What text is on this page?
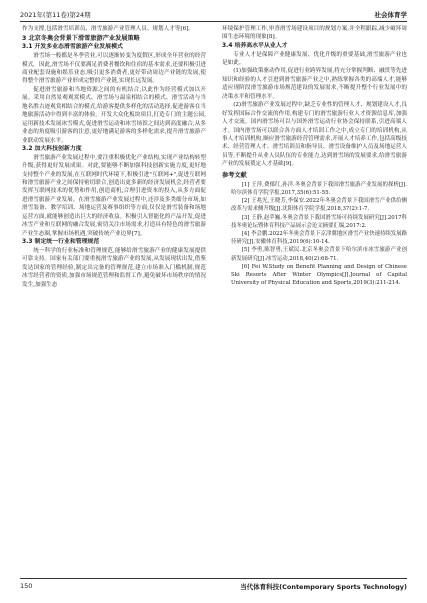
2021年(第11卷)第24期	社会体育学

作为支撑,包括滑雪培训员、滑雪旅游产业管理人员、规划人才等[6]。

3 北京冬奥会背景下滑雪旅游产业发展策略
3.1 开发多业态滑雪旅游产业发展模式

滑雪场一般都是冬季营业,可以逐渐转变为度假区,形成全年营业的经营模式。因此,滑雪场不仅要满足消费者餐饮和住宿的基本需求,还要积极引进商业配套设施和娱乐业态,吸引更多消费者,更好带动周边产业链的发展,使得整个滑雪旅游产业形成完整的产业链,实现长远发展。

促进滑雪旅游和当地资源之间的有机结合,以此作为经营模式加以开展。采用自然景观观赏模式、滑雪场与温泉相结合的模式、滑雪活动与当地名胜古迹观赏相结合的模式,给游客提供多样化的活动选择,促进游客在当地旅游活动中得到丰富的体验。开发大众化板块项目,打造专门的主题公园,运用新技术发展冰雪模式,促进滑雪运动和冰雪场馆之间达到高度融合,从多业态的角度吸引游客的注意,更好地满足游客的多样化需求,提升滑雪旅游产业联动发展水平。

3.2 加大科技创新力度

滑雪旅游产业发展过程中,要注重积极优化产业结构,实现产业结构转型升级,获得更好发展成果。对此,要能够不断加强科技创新实施力度,更好地支持整个产业的发展,在互联网时代环境下,积极引进"互联网+",促进互联网和滑雪旅游产业之间保持密切联合,创造出更多新的经济发展机会,经营者要发挥互联网技术的优势和作用,创造商机,合理引进资本的投入,从多方面促进滑雪旅游产业发展。在滑雪旅游产业发展过程中,还涉及多类细分市场,如滑雪装备、教学培训、场地运营及赛事组织等方面,仅仅是滑雪装备和场地运营方面,就能够创造出巨大的经济收益。积极引入智能化的产品开发,促进冰雪产业和互联网的融合发展,密切关注市场需求,打造具有特色的滑雪旅游产业生态圈,掌握市场机遇,突破传统产业边界[7]。

3.3 制定统一行业和管理规范

统一科学的行业标准和管理规范,能够给滑雪旅游产业的健康发展提供可靠支持。国家有关部门要重视滑雪旅游产业的发展,从发展现状出发,借鉴发达国家的管理经验,制定出完备的管理规范,建立市场准入门槛机制,规范冰雪经营者的资质,加强市场规范管理和监督工作,避免破坏市场秩序的情况发生,加强生态

环境保护管理工作,审査滑雪场建设项目的规划方案,并全程跟踪,减少破坏周围生态环境的现象[8]。

3.4 培养高水平从业人才

专业人才是保障产业健康发展、优化升级的重要基础,滑雪旅游产业也是如此。

(1)加强政策驱动作用,促进行业跨界发展,将充分掌握判断、融贯等先进知识和经验的人才引进到滑雪旅游产业之中,熟练掌握各类的高端人才,能够适应现阶段滑雪旅游市场规范建设的发展需求,不断提升整个行业发展中的决策水平和管理水平。

(2)滑雪旅游产业发展过程中,缺乏专业性的管理人才、规划建设人才,良好发挥国际合作交流的作用,构建专门的滑雪旅游行业人才资源信息库,加强人才交流。国内滑雪场可以与国外滑雪运动行业协会保持联系,引进高端人才。国内滑雪场可以联合各方面人才培训工作之中,成立专门的培训机构,从事人才培训机构,顺应滑雪旅游经营管理需求,开展人才培养工作,包括高级技术、经营管理人才、滑雪培训员和指导员、滑雪设备维护人员及场地运营人员等,不断提升从业人员队伍的专业能力,达到滑雪场的发展要求,给滑雪旅游产业的发展奠定人才基础[9]。

参考文献

[1] 王萍,费郁红,孙洋.冬奥会背景下我国滑雪旅游产业发展的探析[J].哈尔滨体育学院学报,2017,35(6):51-55.

[2] 王兆光,王晓芳,李保安.2022年冬奥会背景下我国滑雪产业供给侧改革与需求侧升级[J].沈阳体育学院学报,2018,37(2):1-7.

[3] 王静,赵苹巍.冬奥会背景下我国滑雪场可持续发展研究[J].2017科技冬奥论坛暨体育科技产品展示会论文摘要汇编,2017:2.

[4] 李会鹏.2022年冬奥会背景下京津冀地区滑雪产业快速持续发展路径研究[J].安徽体育科技,2019(6):10-14.

[5] 李勇,陈智勇,王斌民.北京冬奥会背景下哈尔滨市冰雪旅游产业创新发展研究[J].冰雪运动,2018,40(2):68-71.

[6] Fei W.Study on Benefit Planning and Design of Chinese Ski Resorts After Winter Olympics[J].Journal of Capital University of Physical Education and Sports,2019(3):211-214.

150	当代体育科技(Contemporary Sports Technology)
